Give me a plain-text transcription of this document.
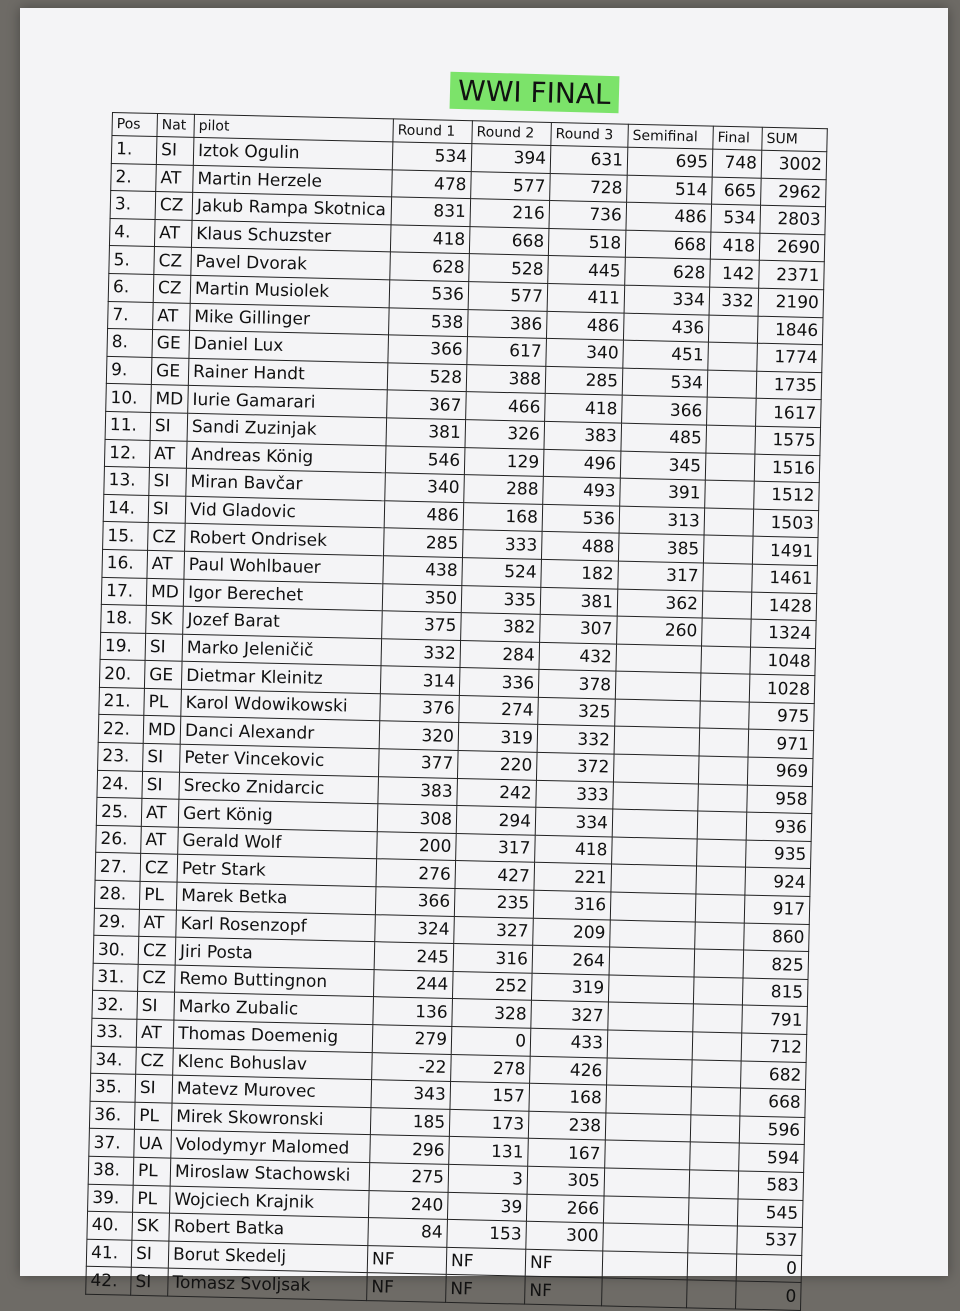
WWI FINAL
Pos	Nat	pilot	Round 1	Round 2	Round 3	Semifinal	Final	SUM
1.	SI	Iztok Ogulin	534	394	631	695	748	3002
2.	AT	Martin Herzele	478	577	728	514	665	2962
3.	CZ	Jakub Rampa Skotnica	831	216	736	486	534	2803
4.	AT	Klaus Schuzster	418	668	518	668	418	2690
5.	CZ	Pavel Dvorak	628	528	445	628	142	2371
6.	CZ	Martin Musiolek	536	577	411	334	332	2190
7.	AT	Mike Gillinger	538	386	486	436		1846
8.	GE	Daniel Lux	366	617	340	451		1774
9.	GE	Rainer Handt	528	388	285	534		1735
10.	MD	Iurie Gamarari	367	466	418	366		1617
11.	SI	Sandi Zuzinjak	381	326	383	485		1575
12.	AT	Andreas König	546	129	496	345		1516
13.	SI	Miran Bavčar	340	288	493	391		1512
14.	SI	Vid Gladovic	486	168	536	313		1503
15.	CZ	Robert Ondrisek	285	333	488	385		1491
16.	AT	Paul Wohlbauer	438	524	182	317		1461
17.	MD	Igor Berechet	350	335	381	362		1428
18.	SK	Jozef Barat	375	382	307	260		1324
19.	SI	Marko Jeleničič	332	284	432			1048
20.	GE	Dietmar Kleinitz	314	336	378			1028
21.	PL	Karol Wdowikowski	376	274	325			975
22.	MD	Danci Alexandr	320	319	332			971
23.	SI	Peter Vincekovic	377	220	372			969
24.	SI	Srecko Znidarcic	383	242	333			958
25.	AT	Gert König	308	294	334			936
26.	AT	Gerald Wolf	200	317	418			935
27.	CZ	Petr Stark	276	427	221			924
28.	PL	Marek Betka	366	235	316			917
29.	AT	Karl Rosenzopf	324	327	209			860
30.	CZ	Jiri Posta	245	316	264			825
31.	CZ	Remo Buttingnon	244	252	319			815
32.	SI	Marko Zubalic	136	328	327			791
33.	AT	Thomas Doemenig	279	0	433			712
34.	CZ	Klenc Bohuslav	-22	278	426			682
35.	SI	Matevz Murovec	343	157	168			668
36.	PL	Mirek Skowronski	185	173	238			596
37.	UA	Volodymyr Malomed	296	131	167			594
38.	PL	Miroslaw Stachowski	275	3	305			583
39.	PL	Wojciech Krajnik	240	39	266			545
40.	SK	Robert Batka	84	153	300			537
41.	SI	Borut Skedelj	NF	NF	NF			0
42.	SI	Tomasz Svoljsak	NF	NF	NF			0
